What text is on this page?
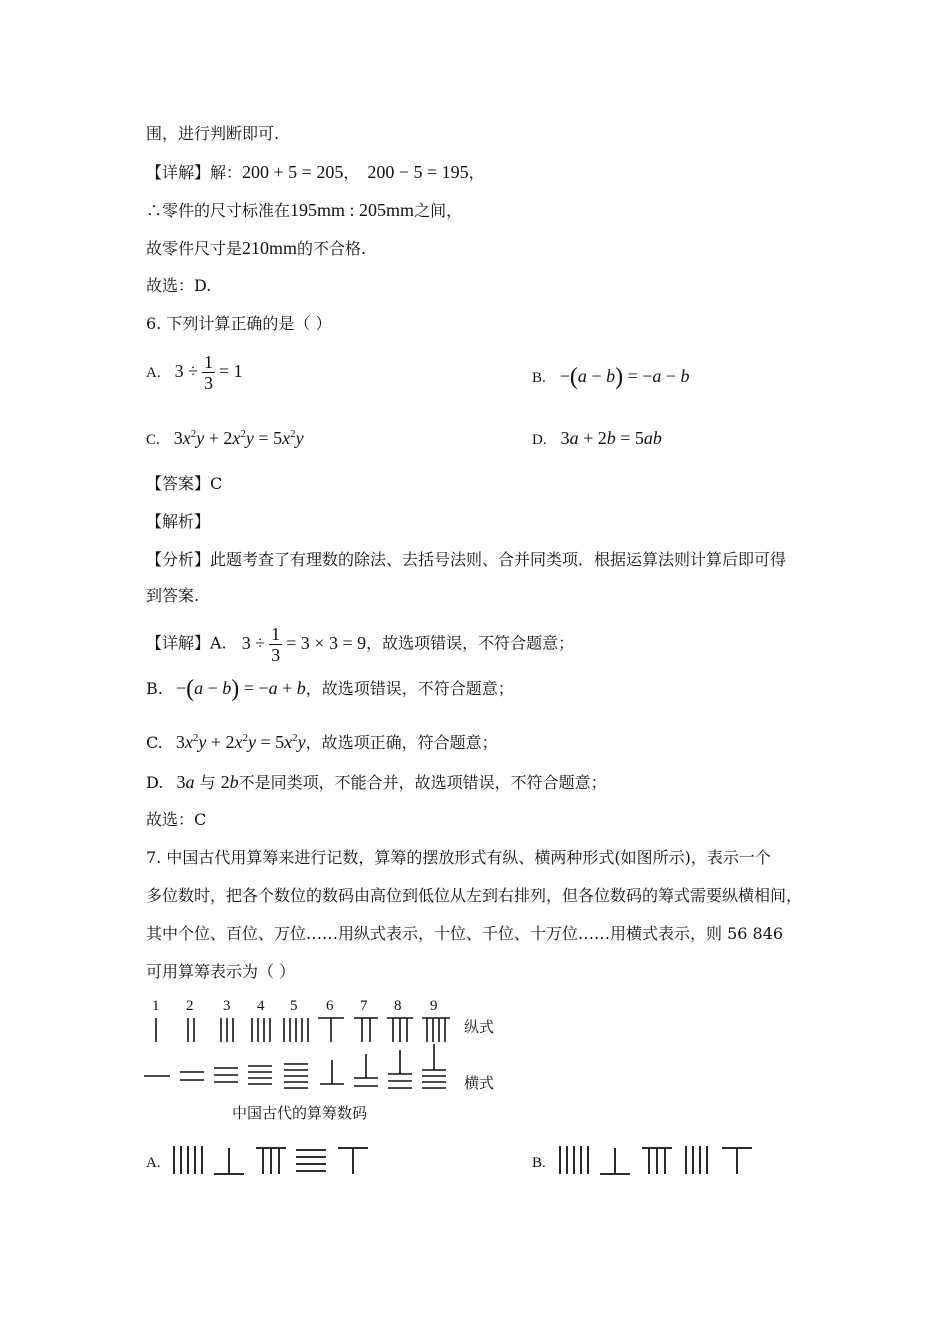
围，进行判断即可.
【详解】解：200 + 5 = 205， 200 − 5 = 195，
∴零件的尺寸标准在195mm : 205mm之间，
故零件尺寸是210mm的不合格.
故选：D.
6. 下列计算正确的是（ ）
A. $3 \div \frac{1}{3} = 1$	B. −(a − b) = −a − b
C. $3x^2y + 2x^2y = 5x^2y$	D. 3a + 2b = 5ab
【答案】C
【解析】
【分析】此题考查了有理数的除法、去括号法则、合并同类项．根据运算法则计算后即可得
到答案.
【详解】A. $3 \div \frac{1}{3} = 3 \times 3 = 9$，故选项错误，不符合题意；
B. −(a − b) = −a + b，故选项错误，不符合题意；
C. $3x^2y + 2x^2y = 5x^2y$，故选项正确，符合题意；
D. 3a 与 2b不是同类项，不能合并，故选项错误，不符合题意；
故选：C
7. 中国古代用算筹来进行记数，算筹的摆放形式有纵、横两种形式(如图所示)，表示一个
多位数时，把各个数位的数码由高位到低位从左到右排列，但各位数码的筹式需要纵横相间，
其中个位、百位、万位……用纵式表示，十位、千位、十万位……用横式表示，则 56 846
可用算筹表示为（ ）
1 2 3 4 5 6 7 8 9
纵式
横式
中国古代的算筹数码
A.	B.
